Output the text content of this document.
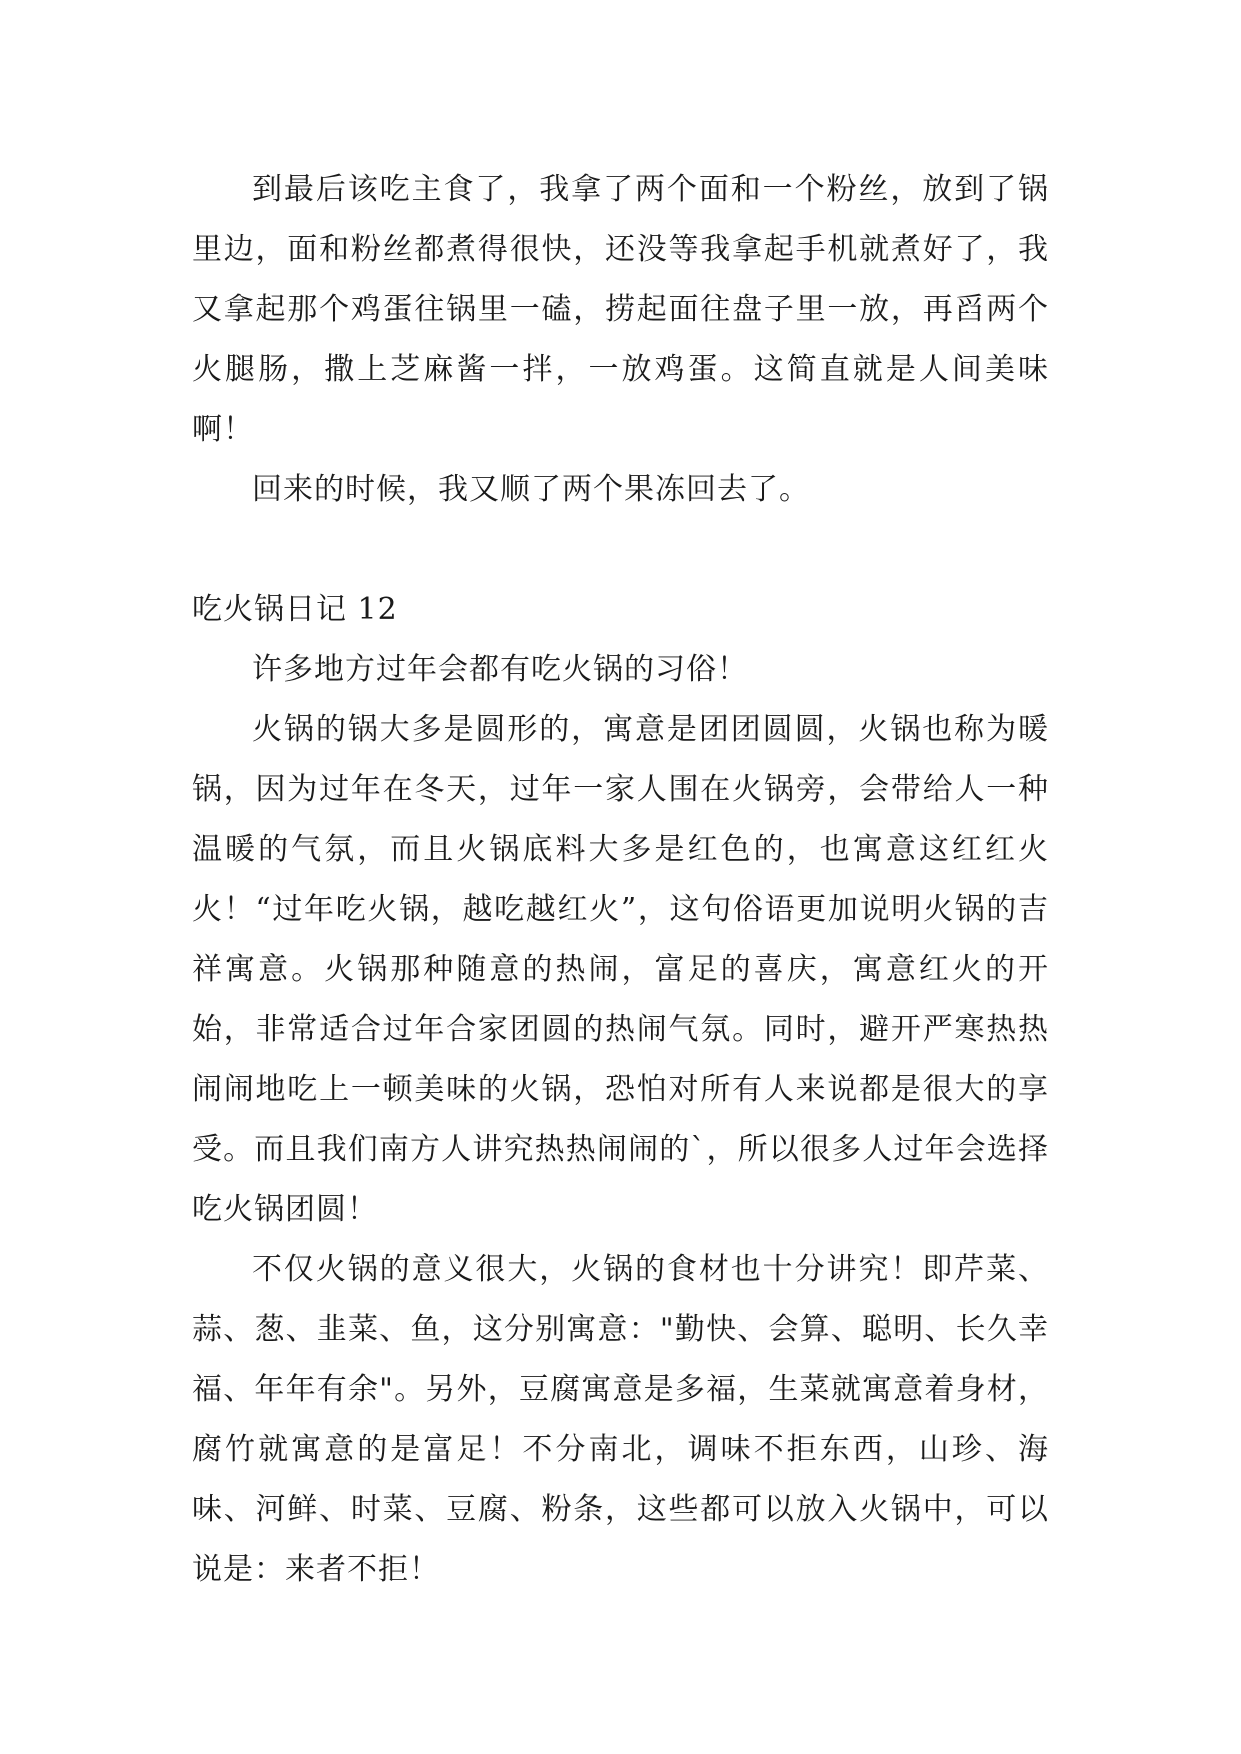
到最后该吃主食了，我拿了两个面和一个粉丝，放到了锅里边，面和粉丝都煮得很快，还没等我拿起手机就煮好了，我又拿起那个鸡蛋往锅里一磕，捞起面往盘子里一放，再舀两个火腿肠，撒上芝麻酱一拌，一放鸡蛋。这简直就是人间美味啊！

回来的时候，我又顺了两个果冻回去了。

吃火锅日记 12

许多地方过年会都有吃火锅的习俗！

火锅的锅大多是圆形的，寓意是团团圆圆，火锅也称为暖锅，因为过年在冬天，过年一家人围在火锅旁，会带给人一种温暖的气氛，而且火锅底料大多是红色的，也寓意这红红火火！“过年吃火锅，越吃越红火”，这句俗语更加说明火锅的吉祥寓意。火锅那种随意的热闹，富足的喜庆，寓意红火的开始，非常适合过年合家团圆的热闹气氛。同时，避开严寒热热闹闹地吃上一顿美味的火锅，恐怕对所有人来说都是很大的享受。而且我们南方人讲究热热闹闹的`，所以很多人过年会选择吃火锅团圆！

不仅火锅的意义很大，火锅的食材也十分讲究！即芹菜、蒜、葱、韭菜、鱼，这分别寓意："勤快、会算、聪明、长久幸福、年年有余"。另外，豆腐寓意是多福，生菜就寓意着身材，腐竹就寓意的是富足！不分南北，调味不拒东西，山珍、海味、河鲜、时菜、豆腐、粉条，这些都可以放入火锅中，可以说是：来者不拒！
